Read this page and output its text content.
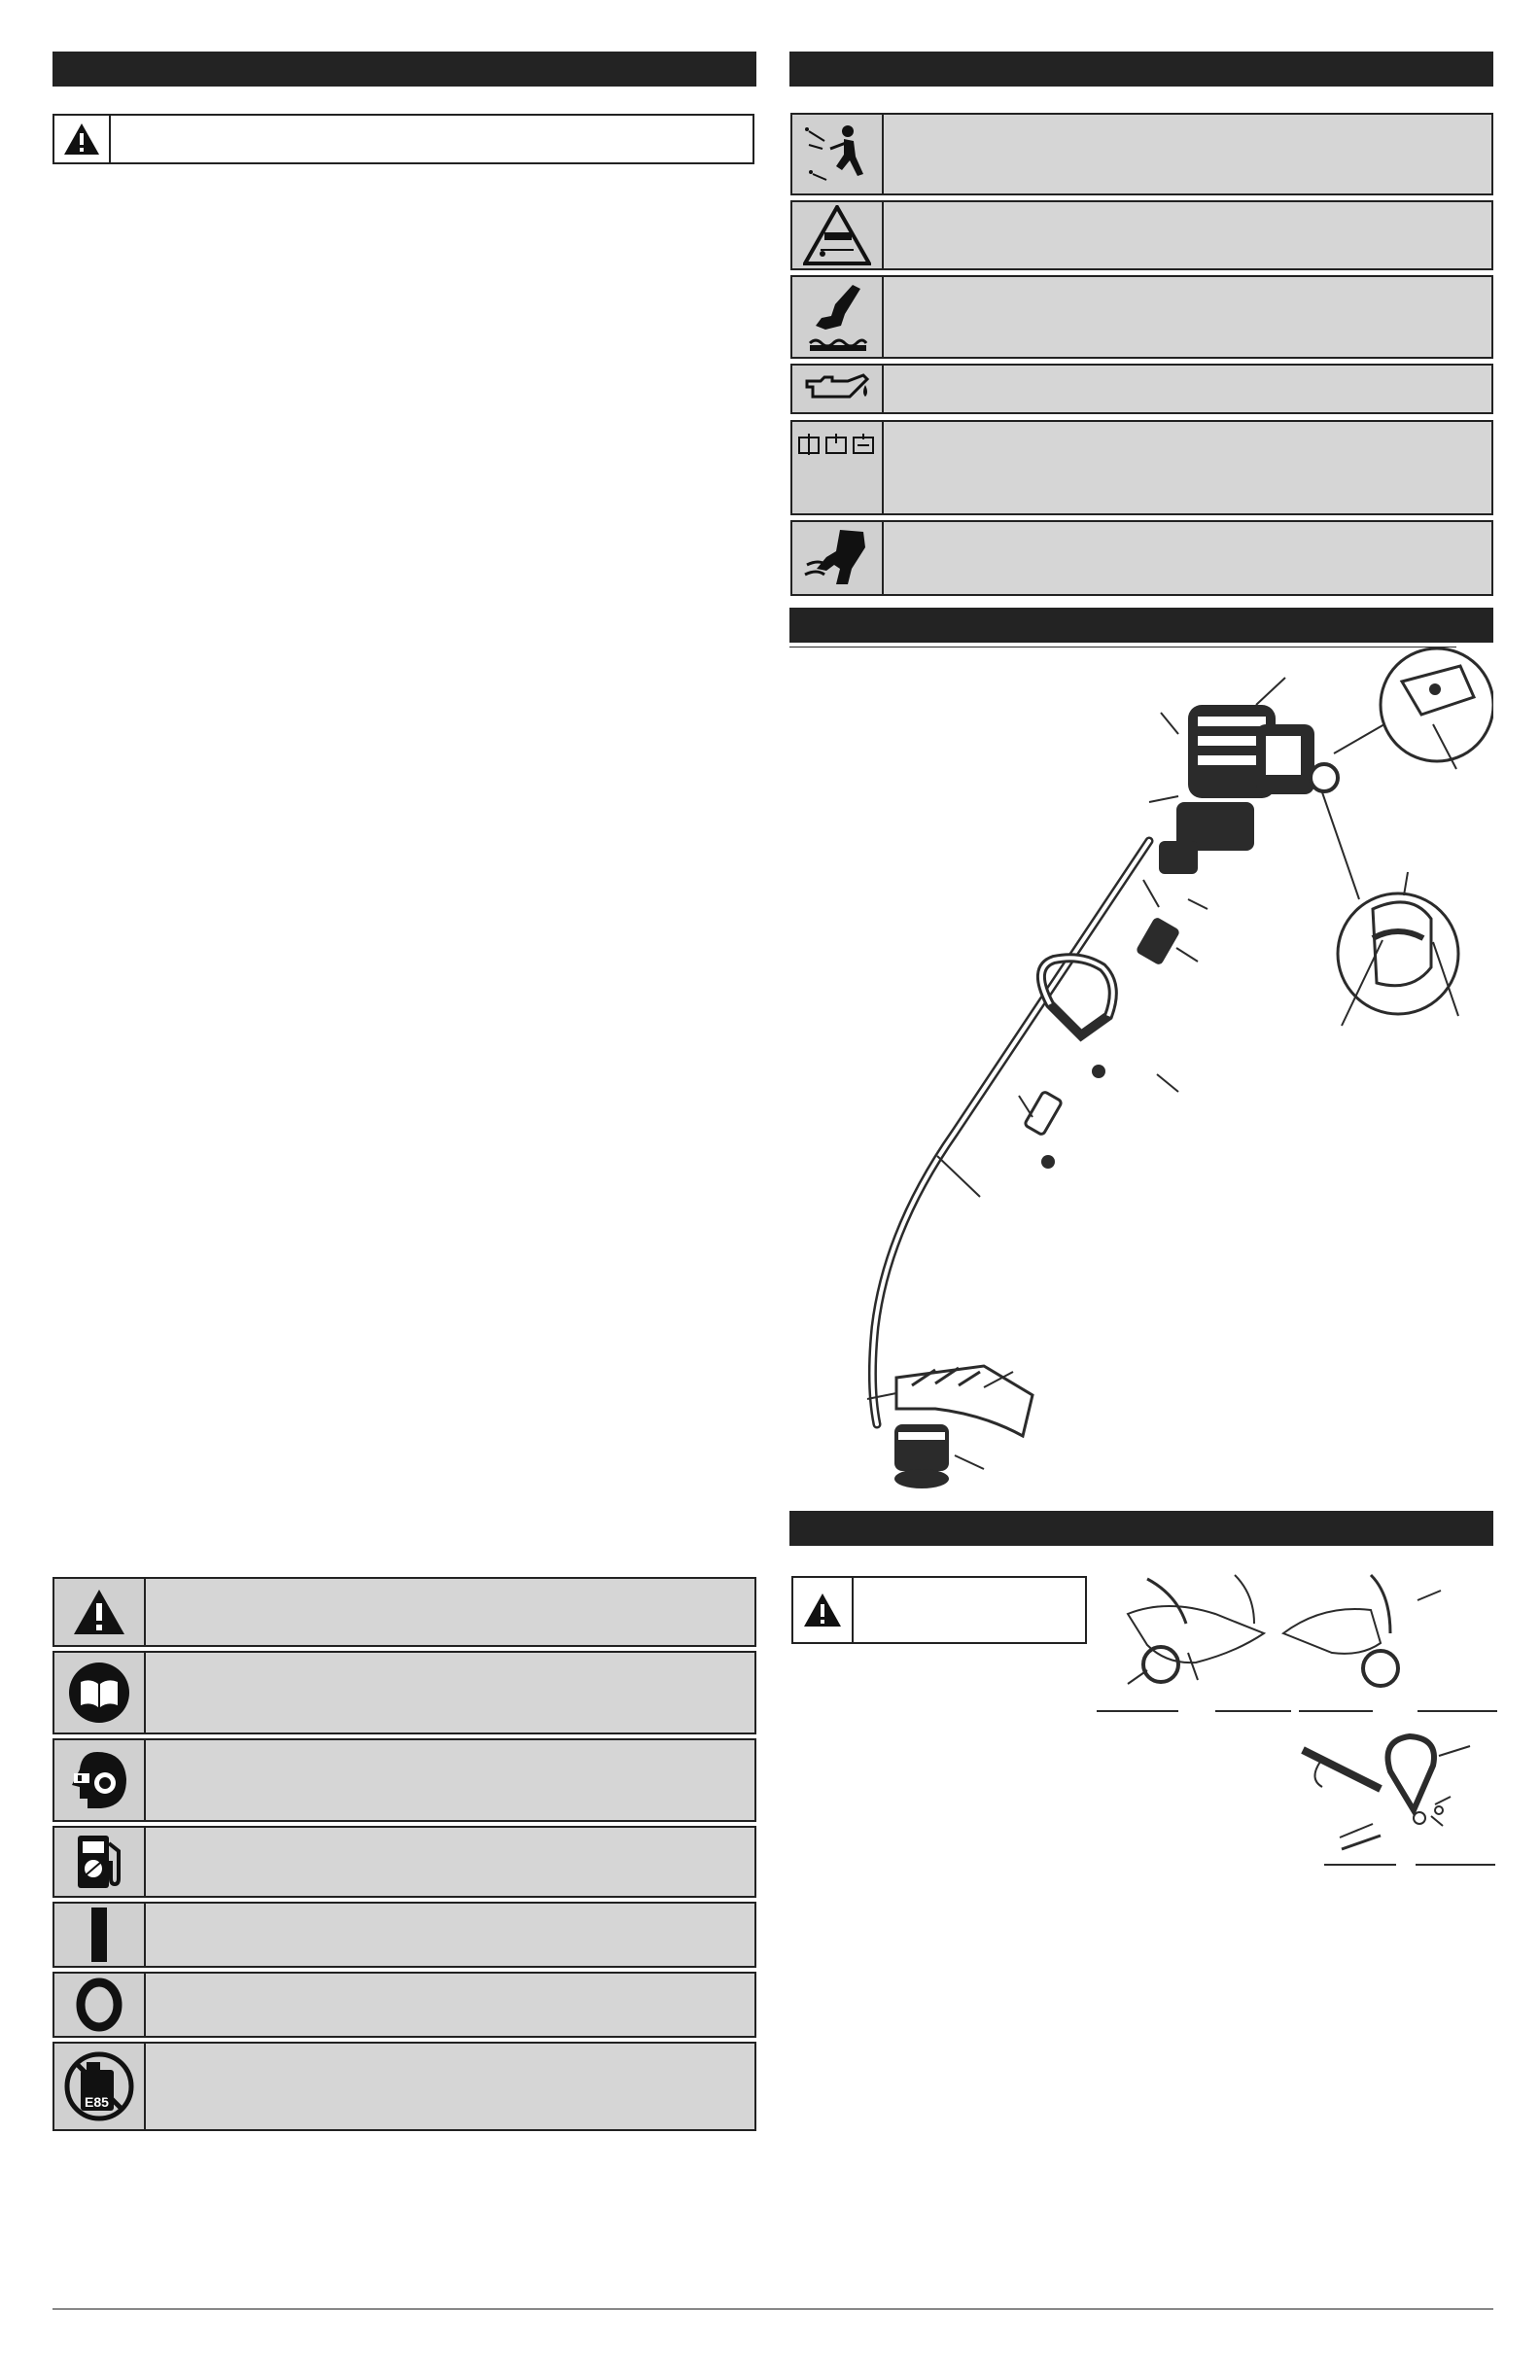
E85
